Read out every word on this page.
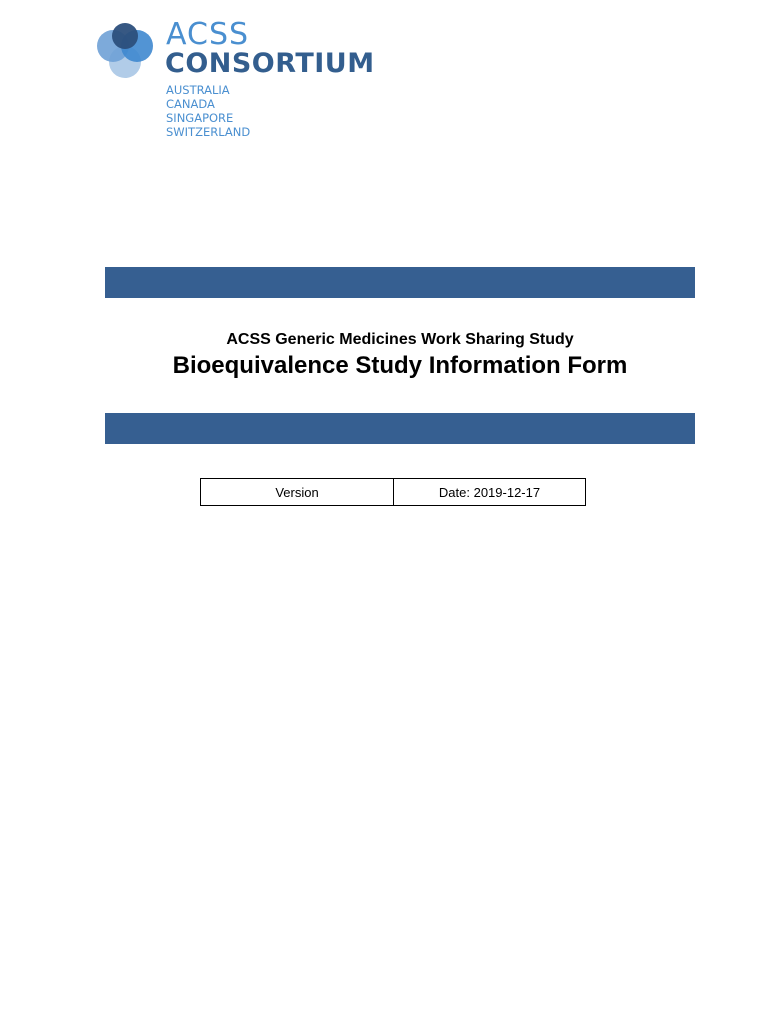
ACSS
CONSORTIUM
AUSTRALIA
CANADA
SINGAPORE
SWITZERLAND
ACSS Generic Medicines Work Sharing Study
Bioequivalence Study Information Form
Version	Date: 2019-12-17
